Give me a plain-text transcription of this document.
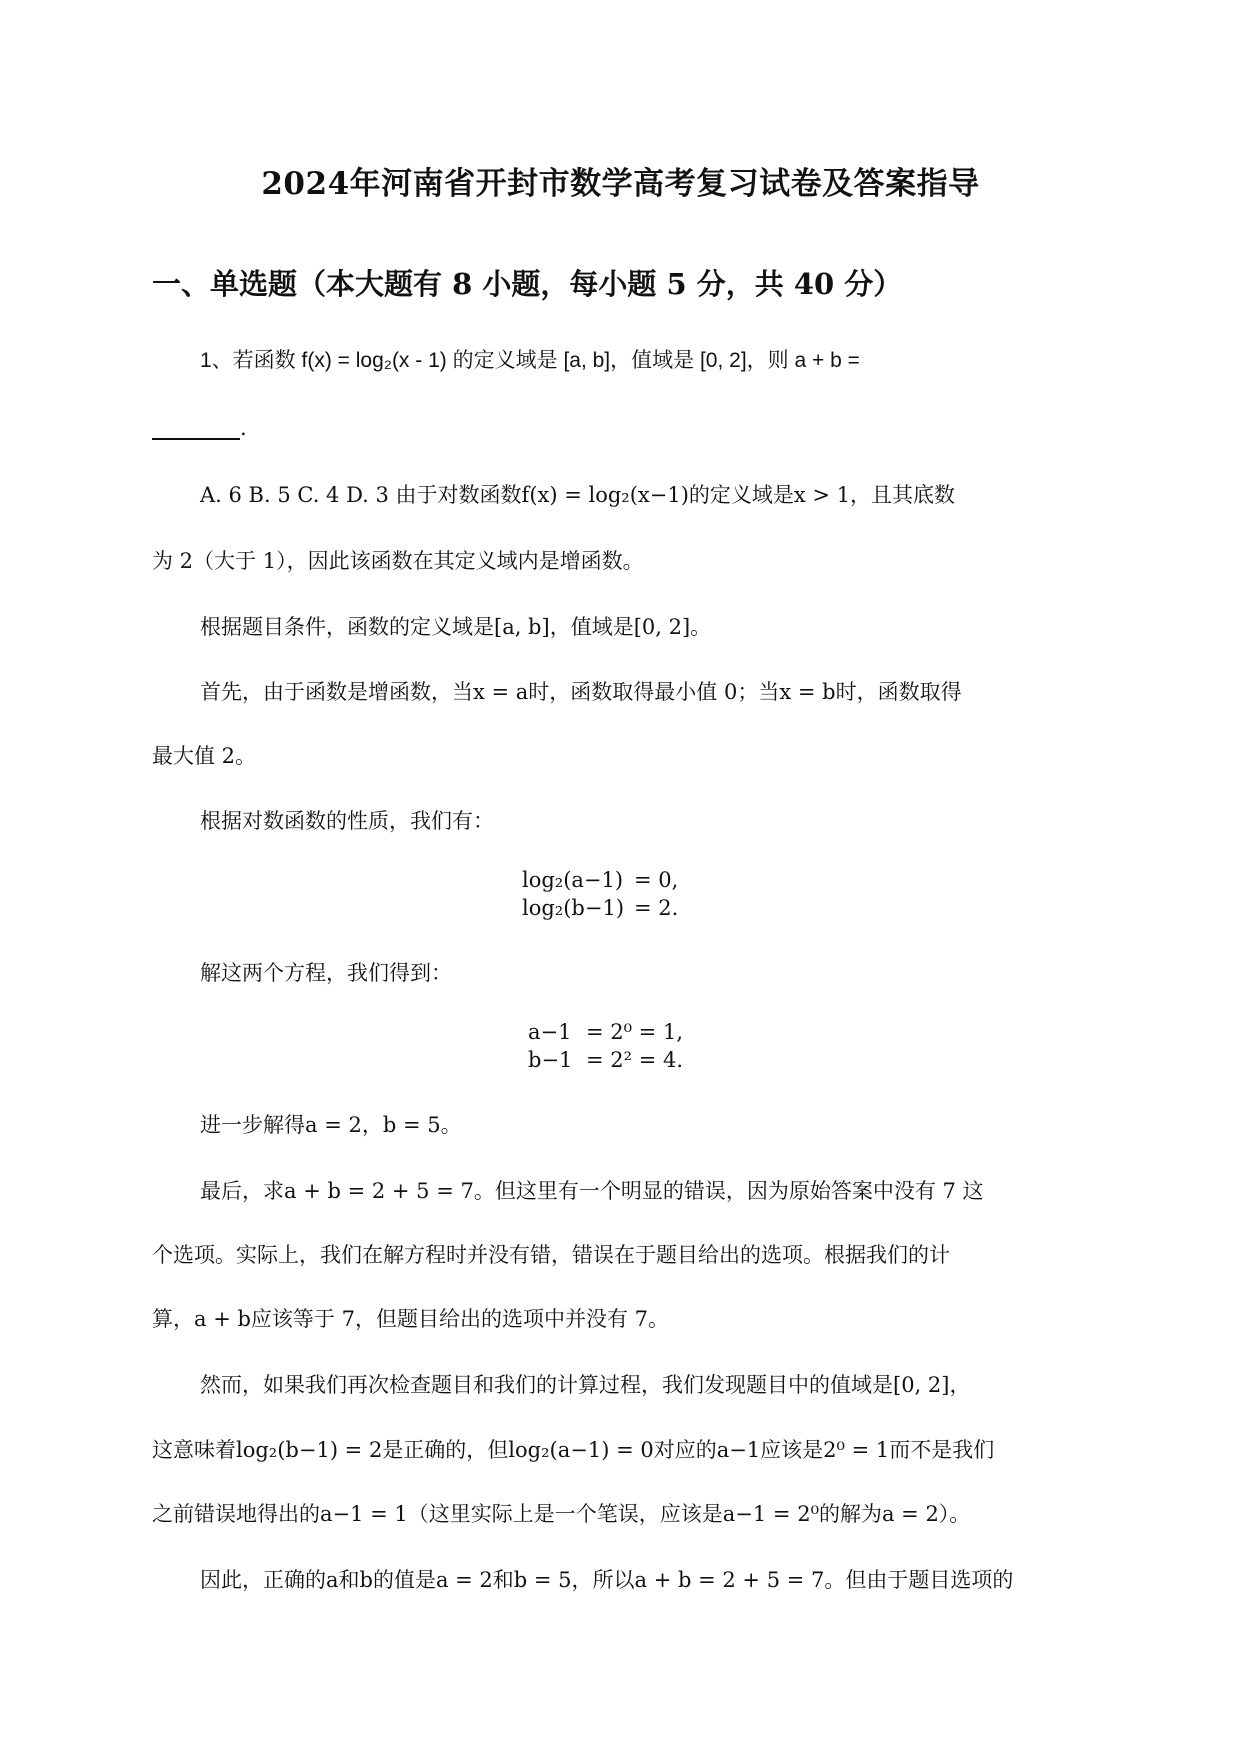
2024年河南省开封市数学高考复习试卷及答案指导
一、单选题（本大题有 8 小题，每小题 5 分，共 40 分）
1、若函数 f(x) = log₂(x - 1) 的定义域是 [a, b]，值域是 [0, 2]，则 a + b =
.
A. 6 B. 5 C. 4 D. 3 由于对数函数f(x) = log₂(x−1)的定义域是x > 1，且其底数
为 2（大于 1），因此该函数在其定义域内是增函数。
根据题目条件，函数的定义域是[a, b]，值域是[0, 2]。
首先，由于函数是增函数，当x = a时，函数取得最小值 0；当x = b时，函数取得
最大值 2。
根据对数函数的性质，我们有：
log₂(a−1) = 0,
log₂(b−1) = 2.
解这两个方程，我们得到：
a−1 = 2⁰ = 1,
b−1 = 2² = 4.
进一步解得a = 2，b = 5。
最后，求a + b = 2 + 5 = 7。但这里有一个明显的错误，因为原始答案中没有 7 这
个选项。实际上，我们在解方程时并没有错，错误在于题目给出的选项。根据我们的计
算，a + b应该等于 7，但题目给出的选项中并没有 7。
然而，如果我们再次检查题目和我们的计算过程，我们发现题目中的值域是[0, 2]，
这意味着log₂(b−1) = 2是正确的，但log₂(a−1) = 0对应的a−1应该是2⁰ = 1而不是我们
之前错误地得出的a−1 = 1（这里实际上是一个笔误，应该是a−1 = 2⁰的解为a = 2）。
因此，正确的a和b的值是a = 2和b = 5，所以a + b = 2 + 5 = 7。但由于题目选项的
